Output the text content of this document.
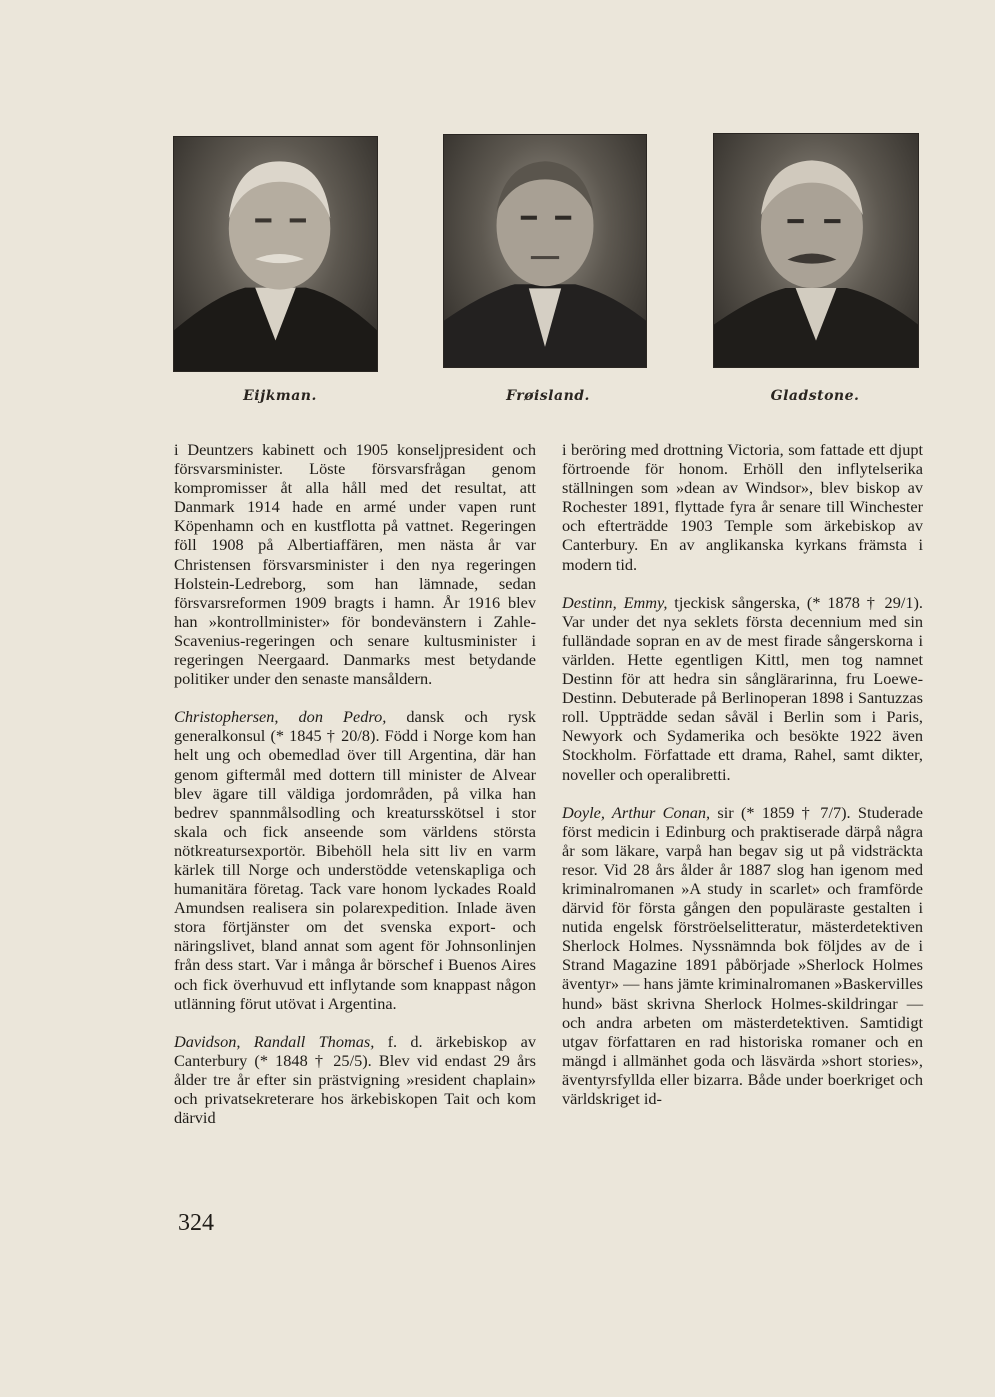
Eijkman.	Frøisland.	Gladstone.

i Deuntzers kabinett och 1905 konseljpresident och försvarsminister. Löste försvarsfrågan genom kompromisser åt alla håll med det resultat, att Danmark 1914 hade en armé under vapen runt Köpenhamn och en kustflotta på vattnet. Regeringen föll 1908 på Albertiaffären, men nästa år var Christensen försvarsminister i den nya regeringen Holstein-Ledreborg, som han lämnade, sedan försvarsreformen 1909 bragts i hamn. År 1916 blev han »kontrollminister» för bondevänstern i Zahle-Scavenius-regeringen och senare kultusminister i regeringen Neergaard. Danmarks mest betydande politiker under den senaste mansåldern.

Christophersen, don Pedro, dansk och rysk generalkonsul (* 1845 † 20/8). Född i Norge kom han helt ung och obemedlad över till Argentina, där han genom giftermål med dottern till minister de Alvear blev ägare till väldiga jordområden, på vilka han bedrev spannmålsodling och kreatursskötsel i stor skala och fick anseende som världens största nötkreatursexportör. Bibehöll hela sitt liv en varm kärlek till Norge och understödde vetenskapliga och humanitära företag. Tack vare honom lyckades Roald Amundsen realisera sin polarexpedition. Inlade även stora förtjänster om det svenska export- och näringslivet, bland annat som agent för Johnsonlinjen från dess start. Var i många år börschef i Buenos Aires och fick överhuvud ett inflytande som knappast någon utlänning förut utövat i Argentina.

Davidson, Randall Thomas, f. d. ärkebiskop av Canterbury (* 1848 † 25/5). Blev vid endast 29 års ålder tre år efter sin prästvigning »resident chaplain» och privatsekreterare hos ärkebiskopen Tait och kom därvid

i beröring med drottning Victoria, som fattade ett djupt förtroende för honom. Erhöll den inflytelserika ställningen som »dean av Windsor», blev biskop av Rochester 1891, flyttade fyra år senare till Winchester och efterträdde 1903 Temple som ärkebiskop av Canterbury. En av anglikanska kyrkans främsta i modern tid.

Destinn, Emmy, tjeckisk sångerska, (* 1878 † 29/1). Var under det nya seklets första decennium med sin fulländade sopran en av de mest firade sångerskorna i världen. Hette egentligen Kittl, men tog namnet Destinn för att hedra sin sånglärarinna, fru Loewe-Destinn. Debuterade på Berlinoperan 1898 i Santuzzas roll. Uppträdde sedan såväl i Berlin som i Paris, Newyork och Sydamerika och besökte 1922 även Stockholm. Författade ett drama, Rahel, samt dikter, noveller och operalibretti.

Doyle, Arthur Conan, sir (* 1859 † 7/7). Studerade först medicin i Edinburg och praktiserade därpå några år som läkare, varpå han begav sig ut på vidsträckta resor. Vid 28 års ålder år 1887 slog han igenom med kriminalromanen »A study in scarlet» och framförde därvid för första gången den populäraste gestalten i nutida engelsk förströelselitteratur, mästerdetektiven Sherlock Holmes. Nyssnämnda bok följdes av de i Strand Magazine 1891 påbörjade »Sherlock Holmes äventyr» — hans jämte kriminalromanen »Baskervilles hund» bäst skrivna Sherlock Holmes-skildringar — och andra arbeten om mästerdetektiven. Samtidigt utgav författaren en rad historiska romaner och en mängd i allmänhet goda och läsvärda »short stories», äventyrsfyllda eller bizarra. Både under boerkriget och världskriget id-

324
